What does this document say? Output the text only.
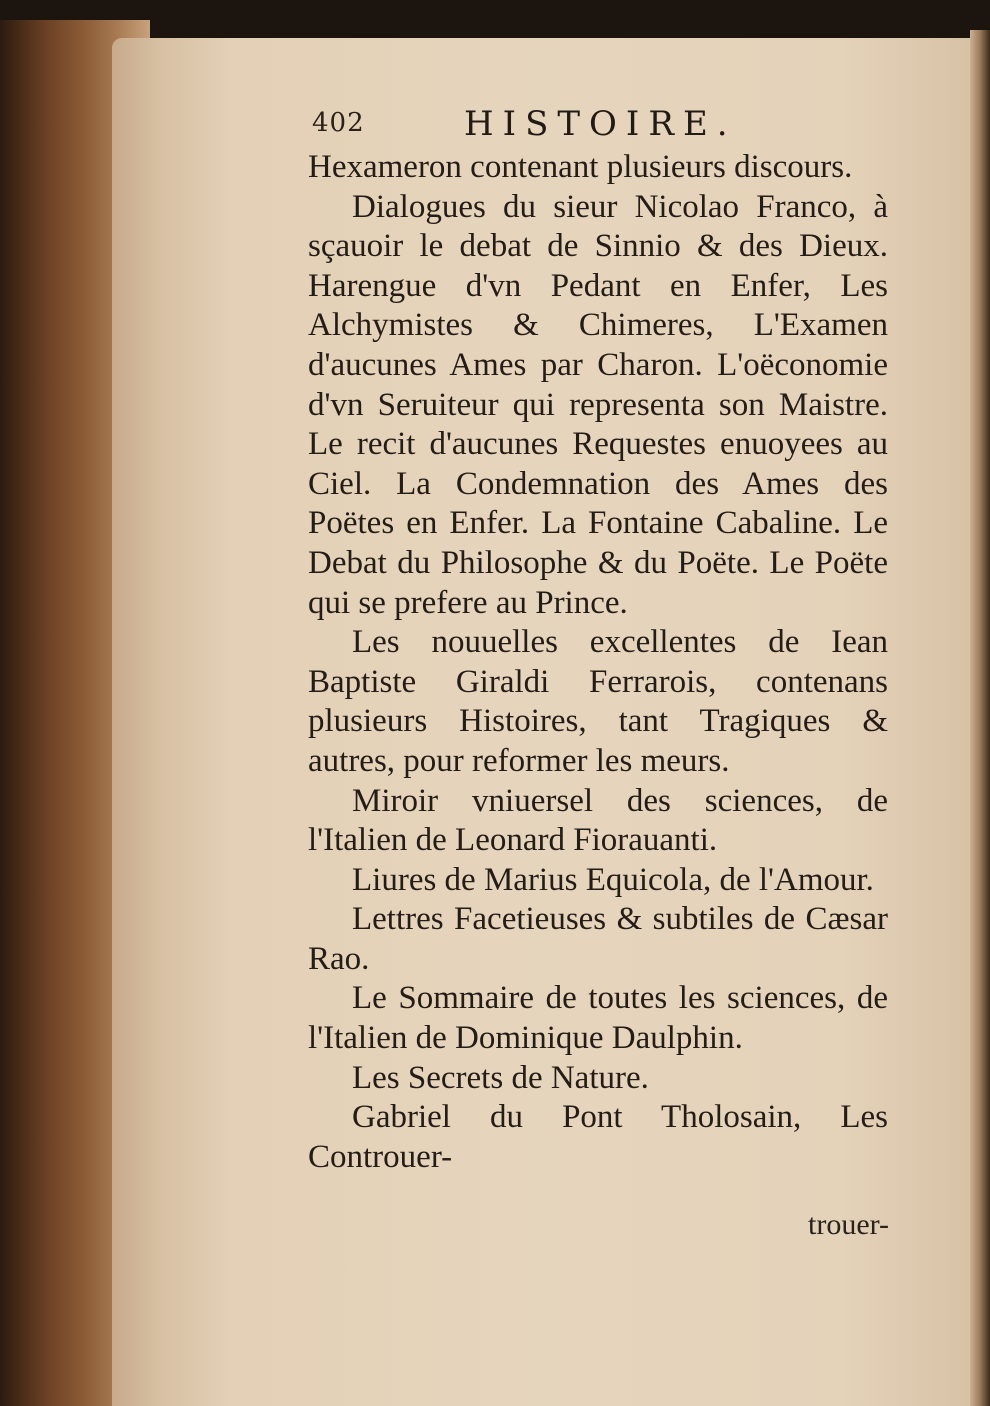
402	HISTOIRE.

Hexameron contenant plusieurs discours.

Dialogues du sieur Nicolao Franco, à sçauoir le debat de Sinnio & des Dieux. Harengue d'vn Pedant en Enfer, Les Alchymistes & Chimeres, L'Examen d'aucunes Ames par Charon. L'oëconomie d'vn Seruiteur qui representa son Maistre. Le recit d'aucunes Requestes enuoyees au Ciel. La Condemnation des Ames des Poëtes en Enfer. La Fontaine Cabaline. Le Debat du Philosophe & du Poëte. Le Poëte qui se prefere au Prince.

Les nouuelles excellentes de Iean Baptiste Giraldi Ferrarois, contenans plusieurs Histoires, tant Tragiques & autres, pour reformer les meurs.

Miroir vniuersel des sciences, de l'Italien de Leonard Fiorauanti.

Liures de Marius Equicola, de l'Amour.

Lettres Facetieuses & subtiles de Cæsar Rao.

Le Sommaire de toutes les sciences, de l'Italien de Dominique Daulphin.

Les Secrets de Nature.

Gabriel du Pont Tholosain, Les Controuer-

trouer-
